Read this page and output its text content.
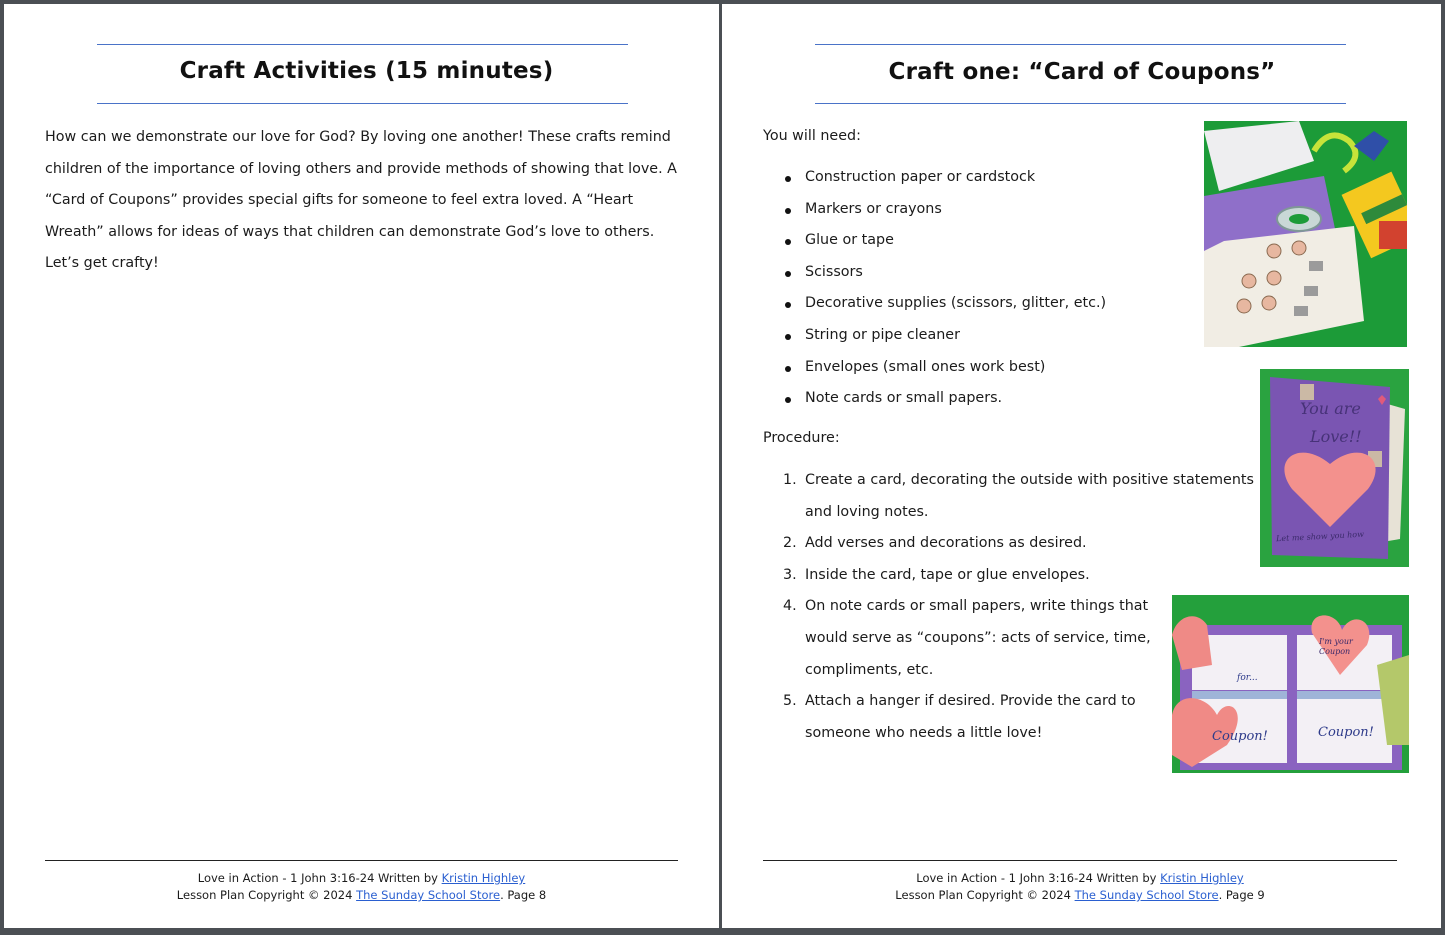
Craft Activities (15 minutes)
How can we demonstrate our love for God? By loving one another! These crafts remind children of the importance of loving others and provide methods of showing that love. A “Card of Coupons” provides special gifts for someone to feel extra loved. A “Heart Wreath” allows for ideas of ways that children can demonstrate God’s love to others. Let’s get crafty!
Love in Action - 1 John 3:16-24 Written by Kristin Highley
Lesson Plan Copyright © 2024 The Sunday School Store. Page 8
Craft one: “Card of Coupons”
You will need:
Construction paper or cardstock
Markers or crayons
Glue or tape
Scissors
Decorative supplies (scissors, glitter, etc.)
String or pipe cleaner
Envelopes (small ones work best)
Note cards or small papers.
Procedure:
1. Create a card, decorating the outside with positive statements and loving notes.
2. Add verses and decorations as desired.
3. Inside the card, tape or glue envelopes.
4. On note cards or small papers, write things that would serve as “coupons”: acts of service, time, compliments, etc.
5. Attach a hanger if desired. Provide the card to someone who needs a little love!
You are
Love!!
Let me show you how
Coupon!	Coupon!
I'm your Coupon
for...
Love in Action - 1 John 3:16-24 Written by Kristin Highley
Lesson Plan Copyright © 2024 The Sunday School Store. Page 9
